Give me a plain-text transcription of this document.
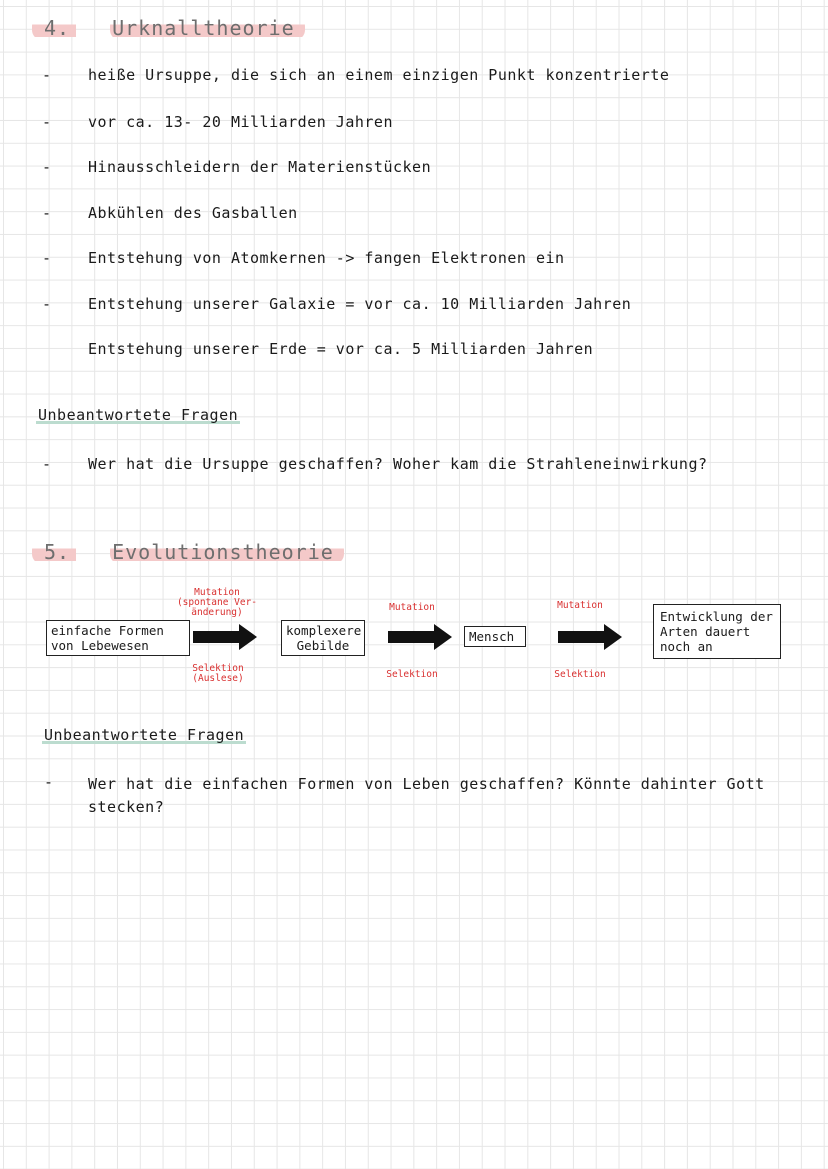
4. Urknalltheorie
- heiße Ursuppe, die sich an einem einzigen Punkt konzentrierte
- vor ca. 13- 20 Milliarden Jahren
- Hinausschleidern der Materienstücken
- Abkühlen des Gasballen
- Entstehung von Atomkernen -> fangen Elektronen ein
- Entstehung unserer Galaxie = vor ca. 10 Milliarden Jahren
Entstehung unserer Erde = vor ca. 5 Milliarden Jahren
Unbeantwortete Fragen
- Wer hat die Ursuppe geschaffen? Woher kam die Strahleneinwirkung?
5. Evolutionstheorie
Mutation (spontane Ver- änderung)
einfache Formen von Lebewesen
Selektion (Auslese)
komplexere Gebilde
Mutation
Selektion
Mensch
Mutation
Selektion
Entwicklung der Arten dauert noch an
Unbeantwortete Fragen
- Wer hat die einfachen Formen von Leben geschaffen? Könnte dahinter Gott stecken?
